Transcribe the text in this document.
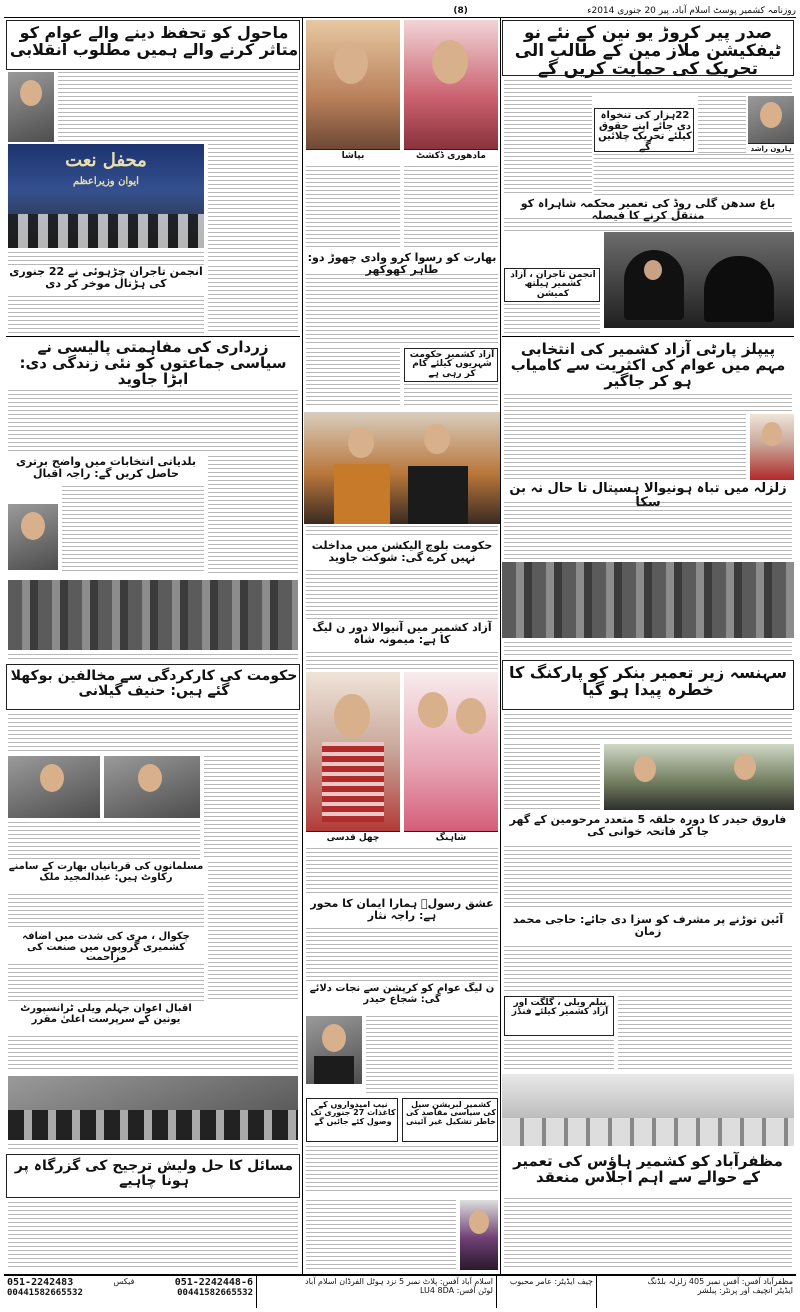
(8)	روزنامہ کشمیر پوسٹ اسلام آباد، پیر 20 جنوری 2014ء
صدر پیر کروڑ یو نین کے نئے نو ٹیفکیشن ملاز مین کے طالب الی تحریک کی حمایت کریں گے
ہارون راشد
22ہزار کی تنخواہ دی جائے اپنے حقوق کیلئے تحریک چلائیں گے
باغ سدھن گلی روڈ کی تعمیر محکمہ شاہراہ کو منتقل کرنے کا فیصلہ
انجمن تاجران ، آزاد کشمیر ہیلتھ کمیشن
پیپلز پارٹی آزاد کشمیر کی انتخابی مہم میں عوام کی اکثریت سے کامیاب ہو کر جاگیر
زلزلہ میں تباہ ہونیوالا ہسپتال تا حال نہ بن سکا
سہنسہ زیر تعمیر بنکر کو پارکنگ کا خطرہ پیدا ہو گیا
فاروق حیدر کا دورہ حلقہ 5 متعدد مرحومین کے گھر جا کر فاتحہ خوانی کی
آئین توڑنے پر مشرف کو سزا دی جائے: حاجی محمد زمان
نیلم ویلی ، گلگت اور آزاد کشمیر کیلئے فنڈز
مظفرآباد کو کشمیر ہاؤس کی تعمیر کے حوالے سے اہم اجلاس منعقد
مادھوری ڈکشٹ
بپاشا
بھارت کو رسوا کرو وادی چھوڑ دو: طاہر کھوکھر
آزاد کشمیر حکومت شہریوں کیلئے کام کر رہی ہے
حکومت بلوچ الیکشن میں مداخلت نہیں کرے گی: شوکت جاوید
آزاد کشمیر میں آنیوالا دور ن لیگ کا ہے: میمونہ شاہ
چھل قدسی	شاہنگ
عشق رسولؐ ہمارا ایمان کا محور ہے: راجہ نثار
ن لیگ عوام کو کرپشن سے نجات دلائے گی: شجاع حیدر
کشمیر لبریشن سیل کی سیاسی مقاصد کی خاطر تشکیل غیر آئینی
نیب امیدواروں کے کاغذات 27 جنوری تک وصول کئے جائیں گے
ماحول کو تحفظ دینے والے عوام کو متاثر کرنے والے ہمیں مطلوب انقلابی
محفل نعت
ایوان وزیراعظم
انجمن تاجران چڑہوئی نے 22 جنوری کی ہڑتال موخر کر دی
زرداری کی مفاہمتی پالیسی نے سیاسی جماعتوں کو نئی زندگی دی: ابڑا جاوید
بلدیاتی انتخابات میں واضح برتری حاصل کریں گے: راجہ اقبال
حکومت کی کارکردگی سے مخالفین بوکھلا گئے ہیں: حنیف گیلانی
مسلمانوں کی قربانیاں بھارت کے سامنے رکاوٹ ہیں: عبدالمجید ملک
چکوال ، مری کی شدت میں اضافہ کشمیری گروپوں میں صنعت کی مزاحمت
اقبال اعوان جہلم ویلی ٹرانسپورٹ یونین کے سرپرست اعلیٰ مقرر
مسائل کا حل ولیش ترجیح کی گزرگاہ پر ہونا چاہیے
مظفرآباد آفس: آفس نمبر 405 زلزلہ بلڈنگ
ایڈیٹر انچیف اور پرنٹر: پبلشر
چیف ایڈیٹر: عامر محبوب
اسلام آباد آفس: پلاٹ نمبر 5 نزد ہوٹل الفرڈان اسلام آباد
لوٹن آفس: LU4 8DA
051-2242483	فیکس	051-2242448-6
00441582665532	00441582665532
